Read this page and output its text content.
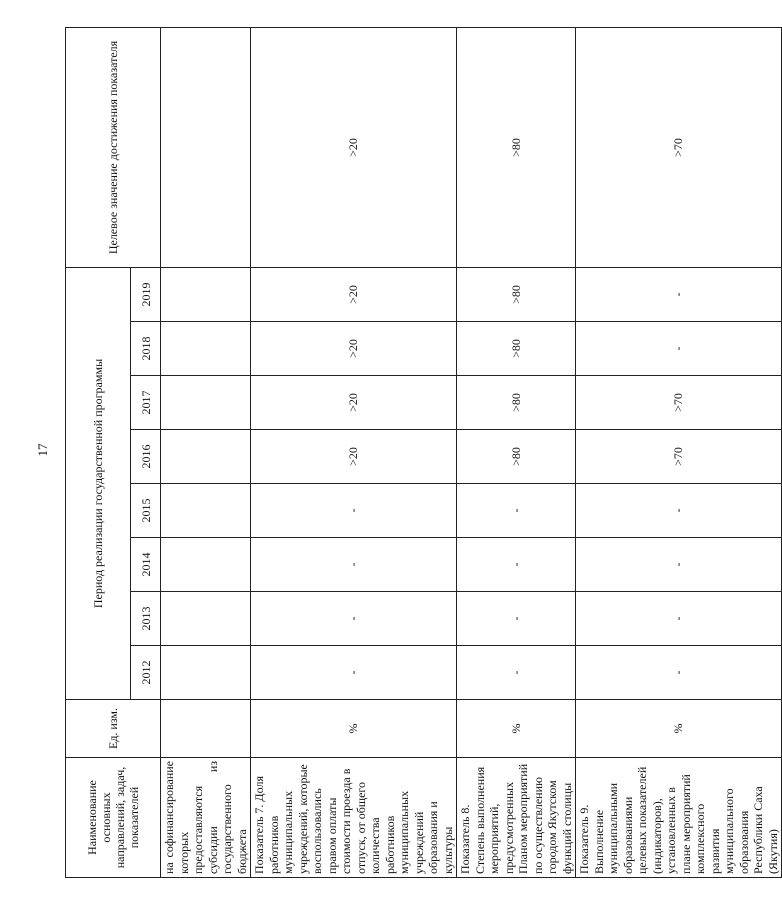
17
Наименование основных направлений, задач, показателей	Ед. изм.	Период реализации государственной программы								Целевое значение достижения показателя
		2012	2013	2014	2015	2016	2017	2018	2019	
на софинансирование которых предоставляются субсидии из государственного бюджета										
Показатель 7. Доля работников муниципальных учреждений, которые воспользовались правом оплаты стоимости проезда в отпуск, от общего количества работников муниципальных учреждений образования и культуры	%	-	-	-	-	>20	>20	>20	>20	>20
Показатель 8. Степень выполнения мероприятий, предусмотренных Планом мероприятий по осуществлению городом Якутском функций столицы	%	-	-	-	-	>80	>80	>80	>80	>80
Показатель 9. Выполнение муниципальными образованиями целевых показателей (индикаторов), установленных в плане мероприятий комплексного развития муниципального образования Республики Саха (Якутия)	%	-	-	-	-	>70	>70	-	-	>70
